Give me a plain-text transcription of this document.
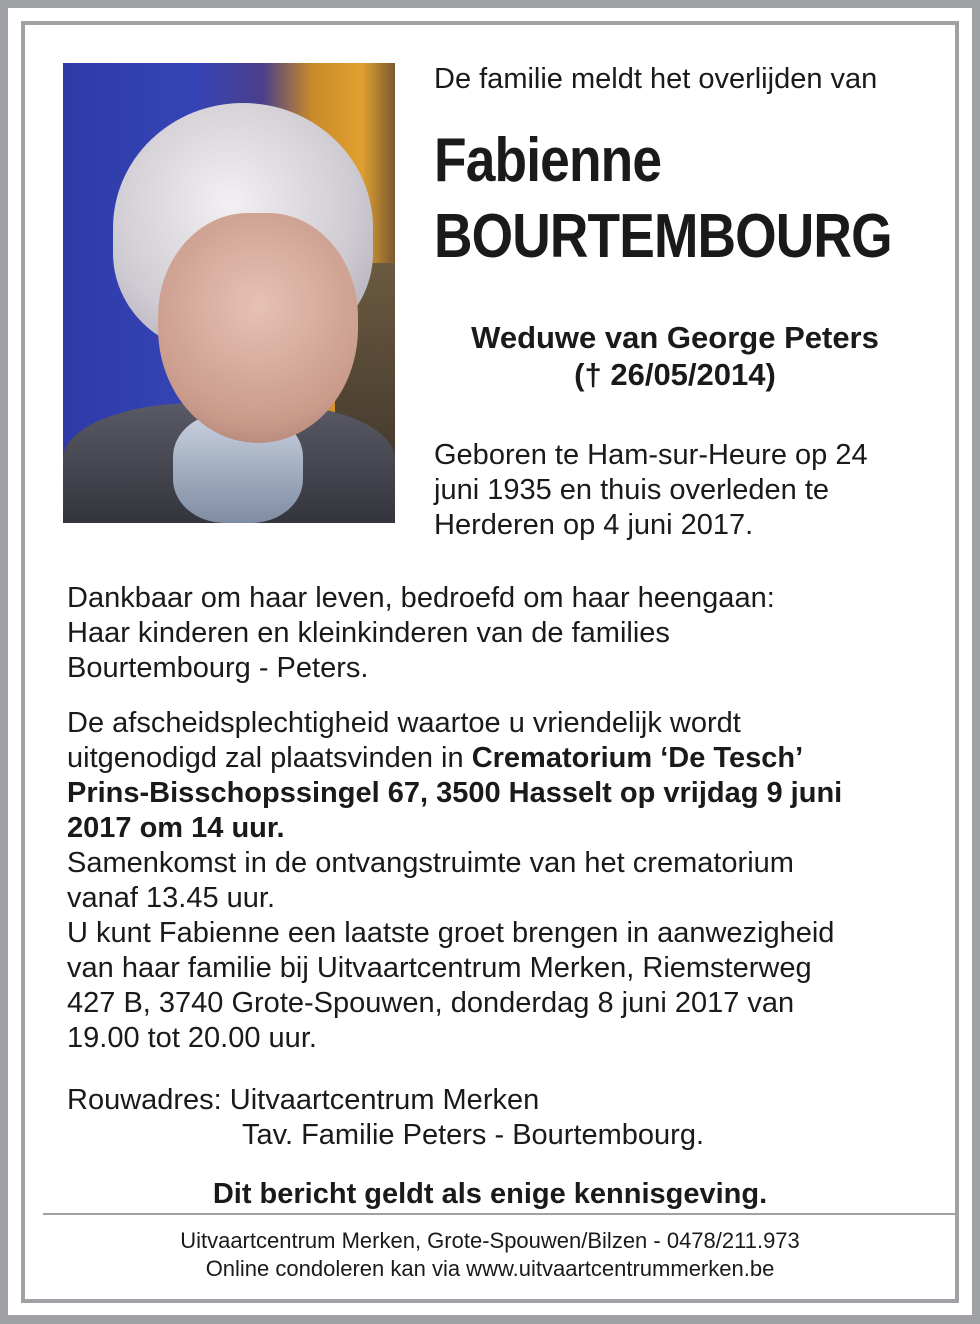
De familie meldt het overlijden van
Fabienne
BOURTEMBOURG
Weduwe van George Peters
(† 26/05/2014)
Geboren te Ham-sur-Heure op 24
juni 1935 en thuis overleden te
Herderen op 4 juni 2017.
Dankbaar om haar leven, bedroefd om haar heengaan:
Haar kinderen en kleinkinderen van de families
Bourtembourg - Peters.
De afscheidsplechtigheid waartoe u vriendelijk wordt
uitgenodigd zal plaatsvinden in Crematorium ‘De Tesch’
Prins-Bisschopssingel 67, 3500 Hasselt op vrijdag 9 juni
2017 om 14 uur.
Samenkomst in de ontvangstruimte van het crematorium
vanaf 13.45 uur.
U kunt Fabienne een laatste groet brengen in aanwezigheid
van haar familie bij Uitvaartcentrum Merken, Riemsterweg
427 B, 3740 Grote-Spouwen, donderdag 8 juni 2017 van
19.00 tot 20.00 uur.
Rouwadres: Uitvaartcentrum Merken
Tav. Familie Peters - Bourtembourg.
Dit bericht geldt als enige kennisgeving.
Uitvaartcentrum Merken, Grote-Spouwen/Bilzen - 0478/211.973
Online condoleren kan via www.uitvaartcentrummerken.be
